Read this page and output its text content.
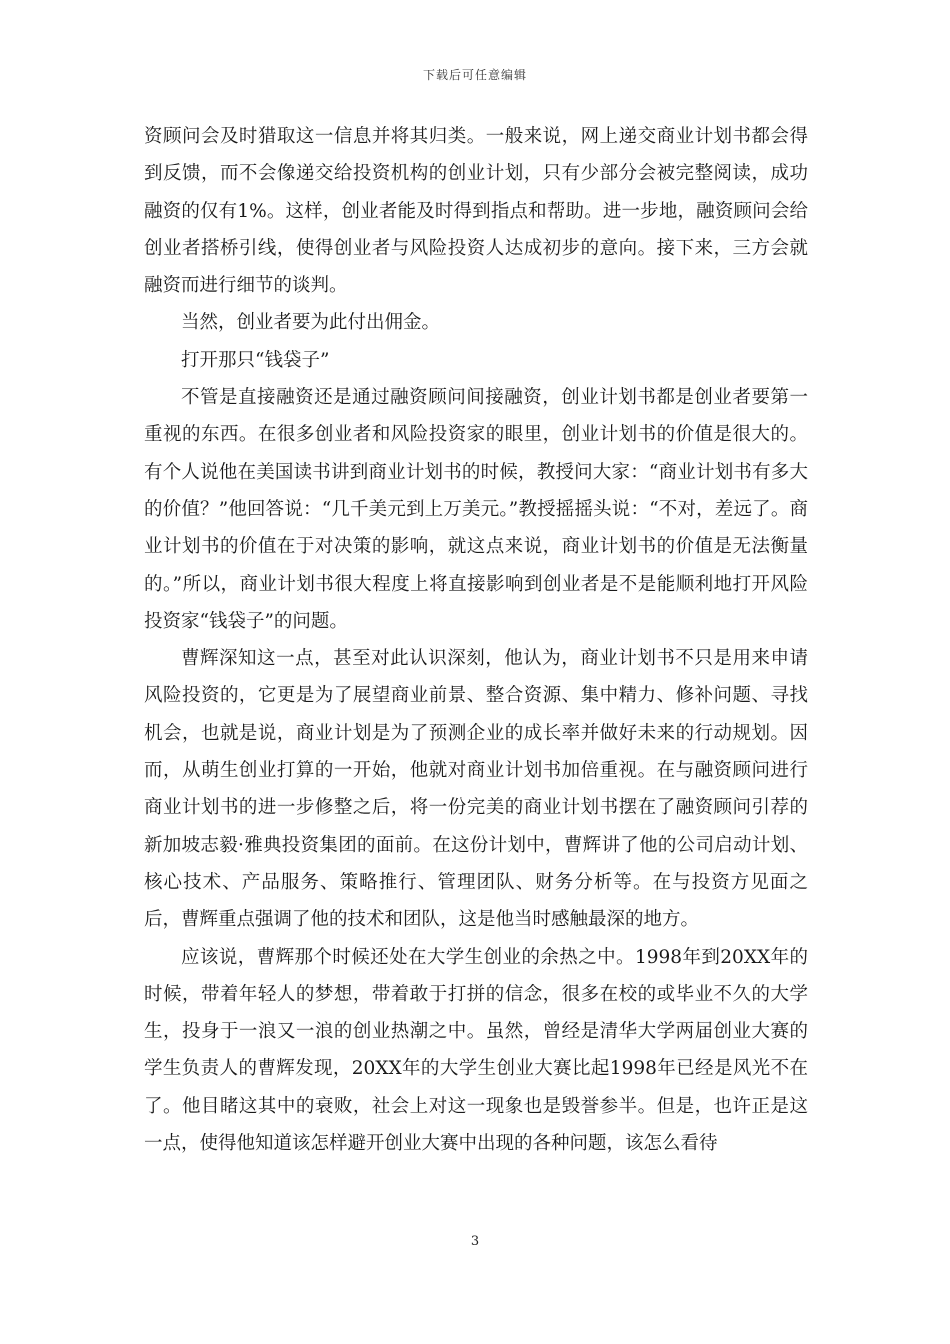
下载后可任意编辑

资顾问会及时猎取这一信息并将其归类。一般来说，网上递交商业计划书都会得到反馈，而不会像递交给投资机构的创业计划，只有少部分会被完整阅读，成功融资的仅有1%。这样，创业者能及时得到指点和帮助。进一步地，融资顾问会给创业者搭桥引线，使得创业者与风险投资人达成初步的意向。接下来，三方会就融资而进行细节的谈判。

当然，创业者要为此付出佣金。

打开那只“钱袋子”

不管是直接融资还是通过融资顾问间接融资，创业计划书都是创业者要第一重视的东西。在很多创业者和风险投资家的眼里，创业计划书的价值是很大的。有个人说他在美国读书讲到商业计划书的时候，教授问大家：“商业计划书有多大的价值？”他回答说：“几千美元到上万美元。”教授摇摇头说：“不对，差远了。商业计划书的价值在于对决策的影响，就这点来说，商业计划书的价值是无法衡量的。”所以，商业计划书很大程度上将直接影响到创业者是不是能顺利地打开风险投资家“钱袋子”的问题。

曹辉深知这一点，甚至对此认识深刻，他认为，商业计划书不只是用来申请风险投资的，它更是为了展望商业前景、整合资源、集中精力、修补问题、寻找机会，也就是说，商业计划是为了预测企业的成长率并做好未来的行动规划。因而，从萌生创业打算的一开始，他就对商业计划书加倍重视。在与融资顾问进行商业计划书的进一步修整之后，将一份完美的商业计划书摆在了融资顾问引荐的新加坡志毅·雅典投资集团的面前。在这份计划中，曹辉讲了他的公司启动计划、核心技术、产品服务、策略推行、管理团队、财务分析等。在与投资方见面之后，曹辉重点强调了他的技术和团队，这是他当时感触最深的地方。

应该说，曹辉那个时候还处在大学生创业的余热之中。1998年到20XX年的时候，带着年轻人的梦想，带着敢于打拼的信念，很多在校的或毕业不久的大学生，投身于一浪又一浪的创业热潮之中。虽然，曾经是清华大学两届创业大赛的学生负责人的曹辉发现，20XX年的大学生创业大赛比起1998年已经是风光不在了。他目睹这其中的衰败，社会上对这一现象也是毁誉参半。但是，也许正是这一点，使得他知道该怎样避开创业大赛中出现的各种问题，该怎么看待

3
